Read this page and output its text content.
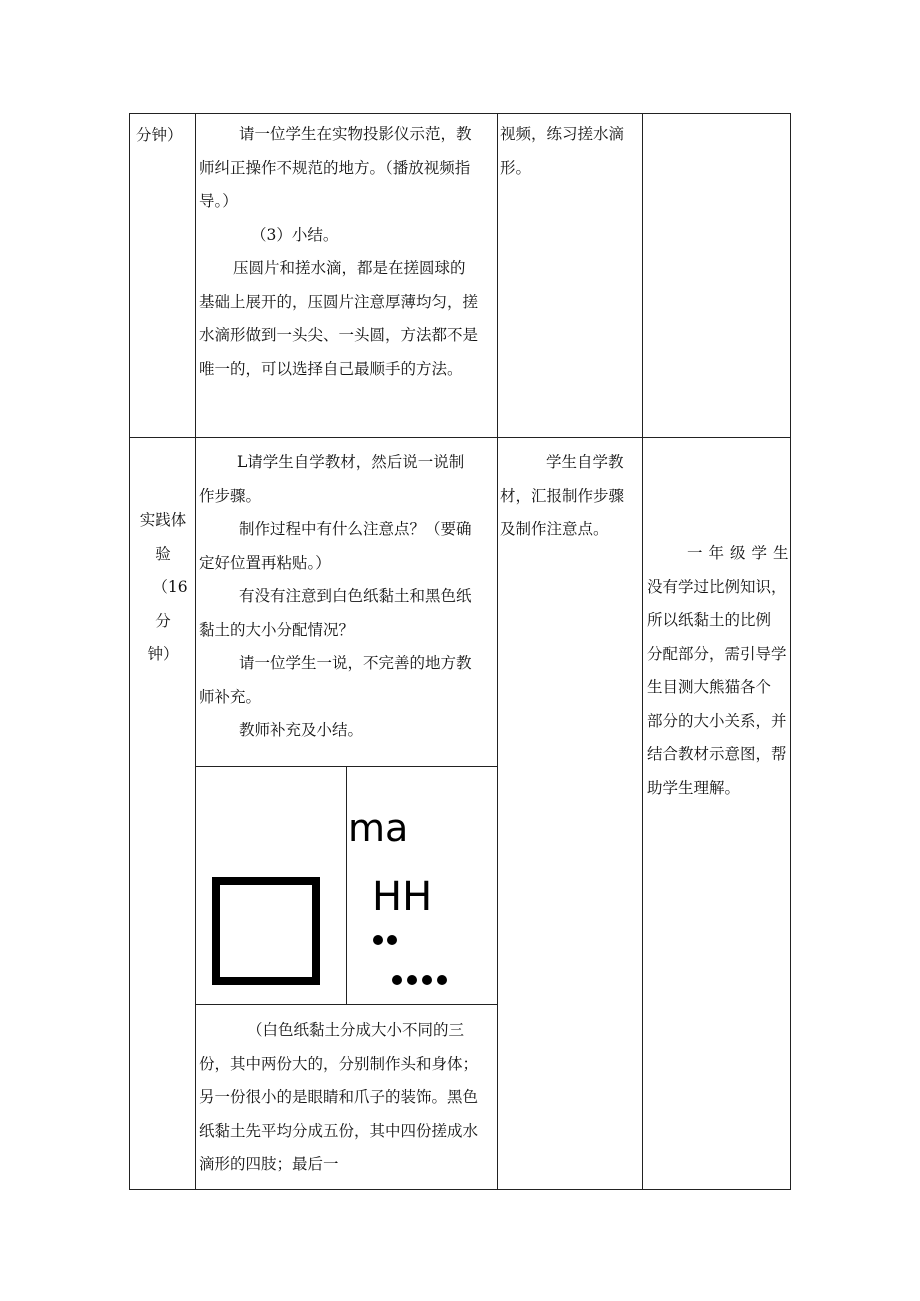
分钟）	请一位学生在实物投影仪示范，教

师纠正操作不规范的地方。（播放视频指

导。）

（3）小结。

压圆片和搓水滴，都是在搓圆球的

基础上展开的，压圆片注意厚薄均匀，搓

水滴形做到一头尖、一头圆，方法都不是

唯一的，可以选择自己最顺手的方法。

视频，练习搓水滴

形。

实践体

验

（16

分

钟）

L请学生自学教材，然后说一说制

作步骤。

制作过程中有什么注意点？（要确

定好位置再粘贴。）

有没有注意到白色纸黏土和黑色纸

黏土的大小分配情况？

请一位学生一说，不完善的地方教

师补充。

教师补充及小结。

学生自学教

材，汇报制作步骤

及制作注意点。

一年级学生

没有学过比例知识，

所以纸黏土的比例

分配部分，需引导学

生目测大熊猫各个

部分的大小关系，并

结合教材示意图，帮

助学生理解。

ma
HH

（白色纸黏土分成大小不同的三

份，其中两份大的，分别制作头和身体；

另一份很小的是眼睛和爪子的装饰。黑色

纸黏土先平均分成五份，其中四份搓成水

滴形的四肢；最后一
